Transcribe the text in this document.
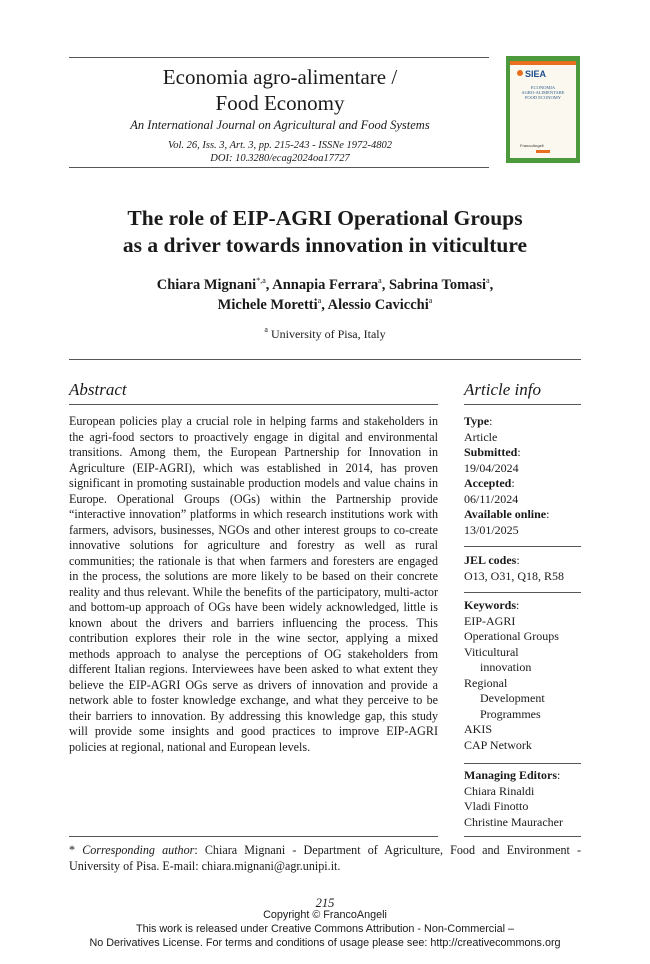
Economia agro-alimentare /
Food Economy
An International Journal on Agricultural and Food Systems
Vol. 26, Iss. 3, Art. 3, pp. 215-243 - ISSNe 1972-4802
DOI: 10.3280/ecag2024oa17727
SIEA
ECONOMIA
AGRO-ALIMENTARE
FOOD ECONOMY
FrancoAngeli
The role of EIP-AGRI Operational Groups
as a driver towards innovation in viticulture
Chiara Mignani$^{*,a}$, Annapia Ferrara$^a$, Sabrina Tomasi$^a$,
Michele Moretti$^a$, Alessio Cavicchi$^a$
$^a$ University of Pisa, Italy
Abstract
European policies play a crucial role in helping farms and stakeholders in the agri-food sectors to proactively engage in digital and environmental transitions. Among them, the European Partnership for Innovation in Agriculture (EIP-AGRI), which was established in 2014, has proven significant in promoting sustainable production models and value chains in Europe. Operational Groups (OGs) within the Partnership provide “interactive innovation” platforms in which research institutions work with farmers, advisors, businesses, NGOs and other interest groups to co-create innovative solutions for agriculture and forestry as well as rural communities; the rationale is that when farmers and foresters are engaged in the process, the solutions are more likely to be based on their concrete reality and thus relevant. While the benefits of the participatory, multi-actor and bottom-up approach of OGs have been widely acknowledged, little is known about the drivers and barriers influencing the process. This contribution explores their role in the wine sector, applying a mixed methods approach to analyse the perceptions of OG stakeholders from different Italian regions. Interviewees have been asked to what extent they believe the EIP-AGRI OGs serve as drivers of innovation and provide a network able to foster knowledge exchange, and what they perceive to be their barriers to innovation. By addressing this knowledge gap, this study will provide some insights and good practices to improve EIP-AGRI policies at regional, national and European levels.
Article info
Type:
Article
Submitted:
19/04/2024
Accepted:
06/11/2024
Available online:
13/01/2025
JEL codes:
O13, O31, Q18, R58
Keywords:
EIP-AGRI
Operational Groups
Viticultural
innovation
Regional
Development
Programmes
AKIS
CAP Network
Managing Editors:
Chiara Rinaldi
Vladi Finotto
Christine Mauracher
* Corresponding author: Chiara Mignani - Department of Agriculture, Food and Environment - University of Pisa. E-mail: chiara.mignani@agr.unipi.it.
215
Copyright © FrancoAngeli
This work is released under Creative Commons Attribution - Non-Commercial –
No Derivatives License. For terms and conditions of usage please see: http://creativecommons.org
